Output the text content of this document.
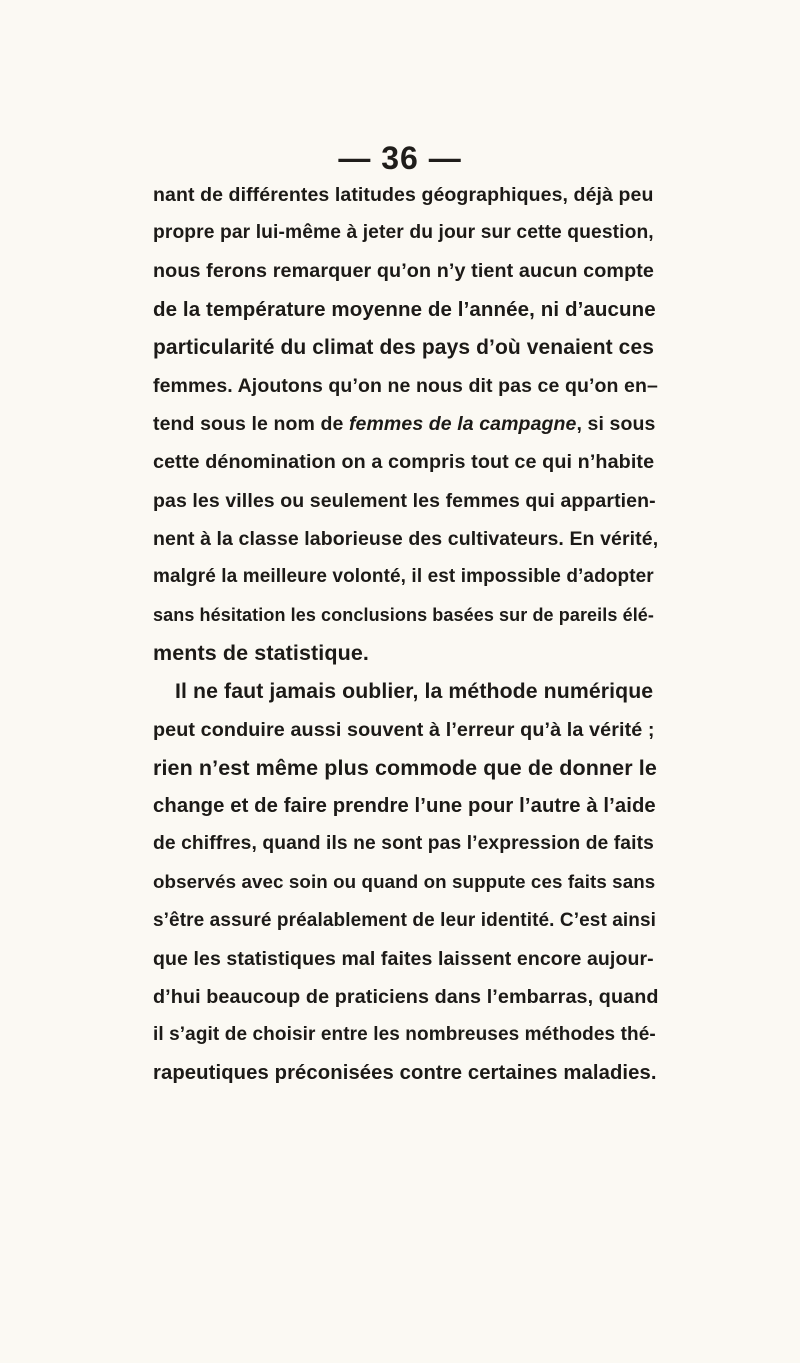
— 36 —
nant de différentes latitudes géographiques, déjà peu
propre par lui-même à jeter du jour sur cette question,
nous ferons remarquer qu’on n’y tient aucun compte
de la température moyenne de l’année, ni d’aucune
particularité du climat des pays d’où venaient ces
femmes. Ajoutons qu’on ne nous dit pas ce qu’on en–
tend sous le nom de femmes de la campagne, si sous
cette dénomination on a compris tout ce qui n’habite
pas les villes ou seulement les femmes qui appartien-
nent à la classe laborieuse des cultivateurs. En vérité,
malgré la meilleure volonté, il est impossible d’adopter
sans hésitation les conclusions basées sur de pareils élé-
ments de statistique.
Il ne faut jamais oublier, la méthode numérique
peut conduire aussi souvent à l’erreur qu’à la vérité ;
rien n’est même plus commode que de donner le
change et de faire prendre l’une pour l’autre à l’aide
de chiffres, quand ils ne sont pas l’expression de faits
observés avec soin ou quand on suppute ces faits sans
s’être assuré préalablement de leur identité. C’est ainsi
que les statistiques mal faites laissent encore aujour-
d’hui beaucoup de praticiens dans l’embarras, quand
il s’agit de choisir entre les nombreuses méthodes thé-
rapeutiques préconisées contre certaines maladies.
